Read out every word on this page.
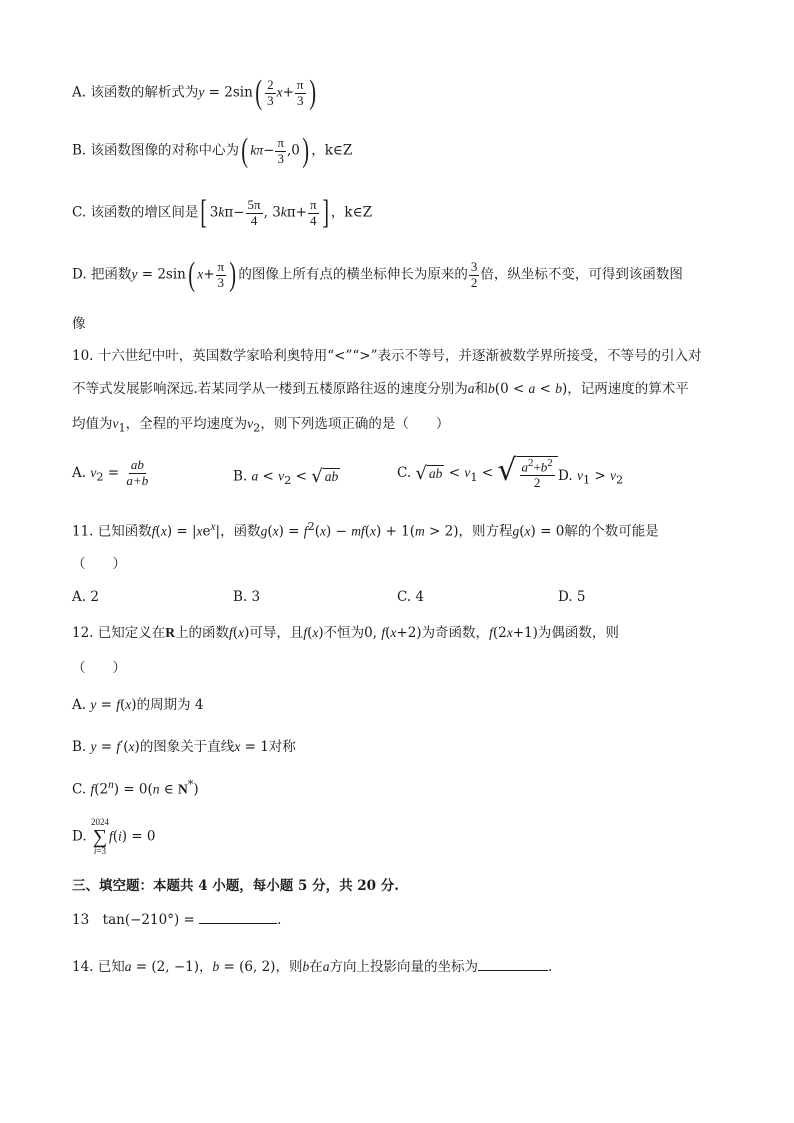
A. 该函数的解析式为$y = 2\sin( \frac{2}{3} x+ \frac{\pi}{3}$ )
B. 该函数图像的对称中心为( $k\pi- \frac{\pi}{3} ,0$) ，k∈Z
C. 该函数的增区间是[ $3k\pi- \frac{5\pi}{4}$ , $3k\pi+ \frac{\pi}{4}$ ] ，k∈Z
D. 把函数y = 2sin( $x+ \frac{\pi}{3}$ ) 的图像上所有点的横坐标伸长为原来的 $\frac{3}{2}$ 倍，纵坐标不变，可得到该函数图
像
10. 十六世纪中叶，英国数学家哈利奥特用“<”“>”表示不等号，并逐渐被数学界所接受，不等号的引入对
不等式发展影响深远.若某同学从一楼到五楼原路往返的速度分别为a和b(0 < a < b)，记两速度的算术平
均值为$v_1$，全程的平均速度为$v_2$，则下列选项正确的是（　　）
A. $v_2 = \frac{ab}{a+b}$	B. $a < v_2$ < √ ab	C. √ ab < $v_1$ < √ $\frac{a^2+b^2}{2} D$. $v_1 > v_2$
11. 已知函数$f(x) = |xe^x|$，函数$g(x) = f^2(x) - mf(x) + 1(m > 2)$，则方程g(x) = 0解的个数可能是
（　　）
A. 2	B. 3	C. 4	D. 5
12. 已知定义在R上的函数f(x)可导，且f(x)不恒为0, f(x+2)为奇函数，f(2x+1)为偶函数，则
（　　）
A. y = f(x)的周期为 4
B. y = f′(x)的图象关于直线x = 1对称
C. $f(2^n) = 0(n$ ∈ N*)
D.
2024
∑
i=3
f(i) = 0
三、填空题：本题共 4 小题，每小题 5 分，共 20 分.
13　tan(−210°) =	.
14. 已知a = (2, −1)，b = (6, 2)，则b在a方向上投影向量的坐标为	.
